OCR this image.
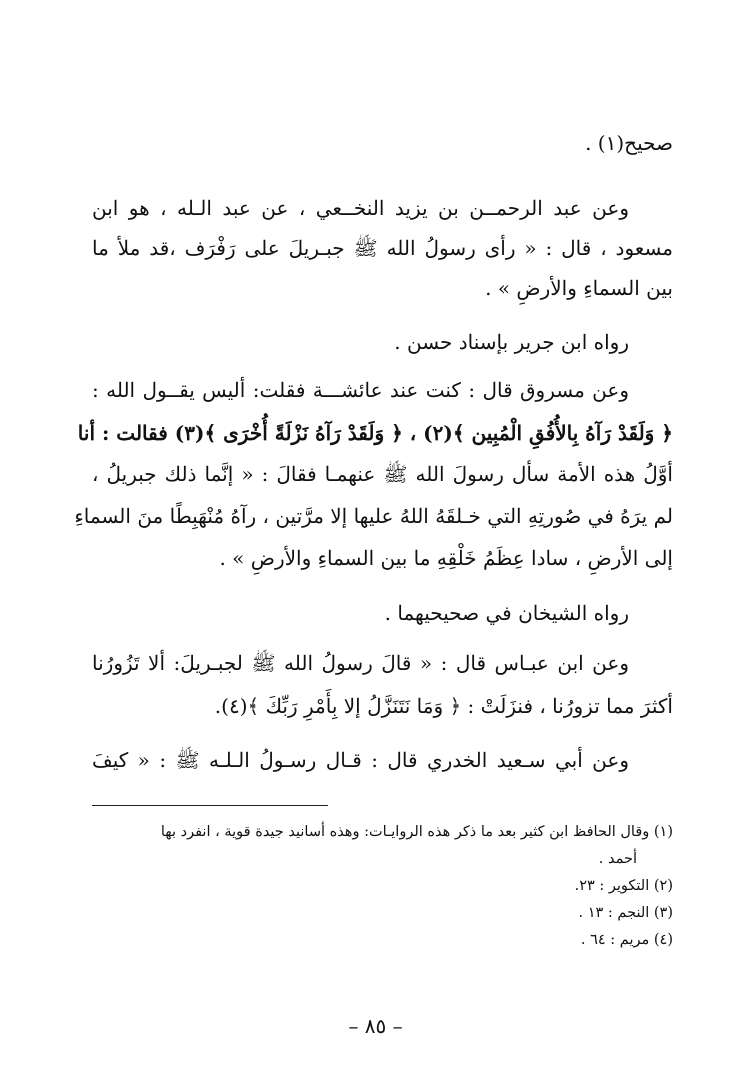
صحيح(١) .
وعن عبد الرحمــن بن يزيد النخــعي ، عن عبد الـله ، هو ابن
مسعود ، قال : « رأى رسولُ الله ﷺ جبـريلَ على رَفْرَف ،قد ملأ ما
بين السماءِ والأرضِ » .
رواه ابن جرير بإسناد حسن .
وعن مسروق قال : كنت عند عائشـــة فقلت: أليس يقــول الله :
﴿ وَلَقَدْ رَآهُ بِالأُفُقِ الْمُبِين ﴾(٢) ، ﴿ وَلَقَدْ رَآهُ نَزْلَةً أُخْرَى ﴾(٣) فقالت : أنا
أوَّلُ هذه الأمة سأل رسولَ الله ﷺ عنهمـا فقالَ : « إنَّما ذلك جبريلُ ،
لم يرَهُ في صُورتِهِ التي خـلقَهُ اللهُ عليها إلا مرَّتين ، رآهُ مُنْهَبِطًا منَ السماءِ
إلى الأرضِ ، سادا عِظَمُ خَلْقِهِ ما بين السماءِ والأرضِ » .
رواه الشيخان في صحيحيهما .
وعن ابن عبـاس قال : « قالَ رسولُ الله ﷺ لجبـريلَ: ألا تَزُورُنا
أكثرَ مما تزورُنا ، فنزَلَتْ : ﴿ وَمَا نَتَنَزَّلُ إلا بِأَمْرِ رَبِّكَ ﴾(٤).
وعن أبي سـعيد الخدري قال : قـال رسـولُ الـلـه ﷺ : « كيفَ
(١) وقال الحافظ ابن كثير بعد ما ذكر هذه الروايـات: وهذه أسانيد جيدة قوية ، انفرد بها
أحمد .
(٢) التكوير : ٢٣.
(٣) النجم : ١٣ .
(٤) مريم : ٦٤ .
– ٨٥ –
